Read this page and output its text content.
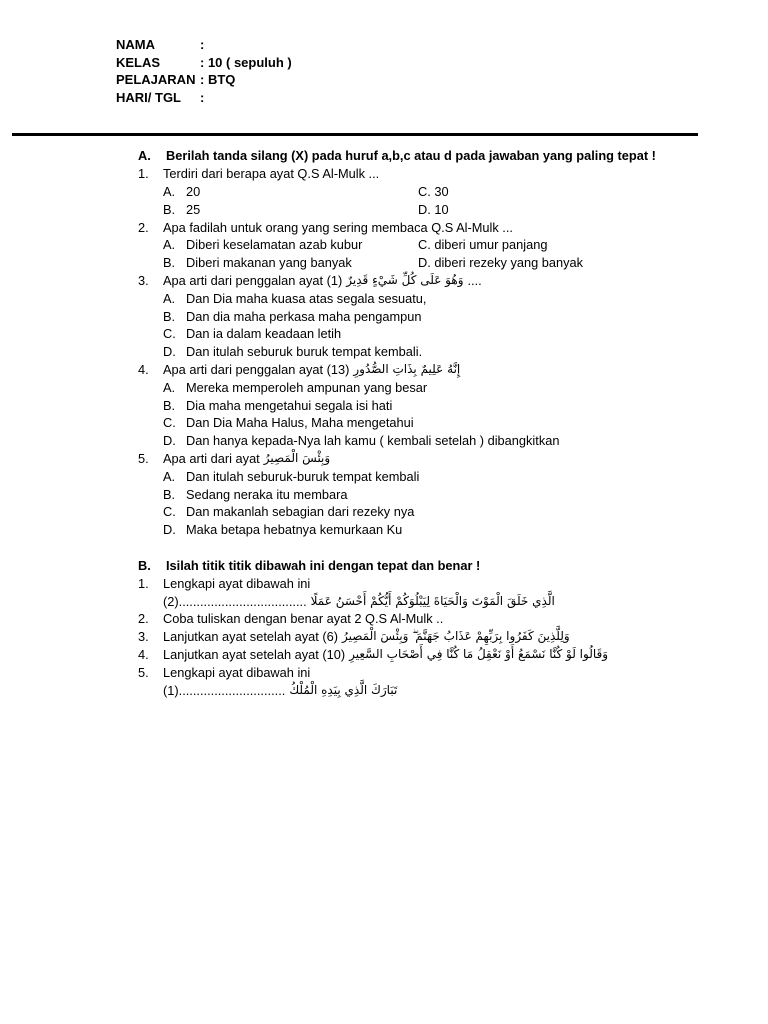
NAMA	:
KELAS	: 10 ( sepuluh )
PELAJARAN : BTQ
HARI/ TGL	:
A.	Berilah tanda silang (X) pada huruf a,b,c atau d pada jawaban yang paling tepat !
1.	Terdiri dari berapa ayat Q.S Al-Mulk ...
A. 20	C. 30
B. 25	D. 10
2.	Apa fadilah untuk orang yang sering membaca Q.S Al-Mulk ...
A. Diberi keselamatan azab kubur	C. diberi umur panjang
B. Diberi makanan yang banyak	D. diberi rezeky yang banyak
3.	Apa arti dari penggalan ayat (1) وَهُوَ عَلَى كُلِّ شَيْءٍ قَدِيرٌ ....
A. Dan Dia maha kuasa atas segala sesuatu,
B. Dan dia maha perkasa maha pengampun
C. Dan ia dalam keadaan letih
D. Dan itulah seburuk buruk tempat kembali.
4.	Apa arti dari penggalan ayat (13) إِنَّهُ عَلِيمٌ بِذَاتِ الصُّدُورِ
A. Mereka memperoleh ampunan yang besar
B. Dia maha mengetahui segala isi hati
C. Dan Dia Maha Halus, Maha mengetahui
D. Dan hanya kepada-Nya lah kamu ( kembali setelah ) dibangkitkan
5.	Apa arti dari ayat وَبِئْسَ الْمَصِيرُ
A. Dan itulah seburuk-buruk tempat kembali
B. Sedang neraka itu membara
C. Dan makanlah sebagian dari rezeky nya
D. Maka betapa hebatnya kemurkaan Ku
B.	Isilah titik titik dibawah ini dengan tepat dan benar !
1.	Lengkapi ayat dibawah ini
(2).................................... الَّذِي خَلَقَ الْمَوْتَ وَالْحَيَاةَ لِيَبْلُوَكُمْ أَيُّكُمْ أَحْسَنُ عَمَلًا
2.	Coba tuliskan dengan benar ayat 2 Q.S Al-Mulk ..
3.	Lanjutkan ayat setelah ayat (6) وَلِلَّذِينَ كَفَرُوا بِرَبِّهِمْ عَذَابُ جَهَنَّمَ ۖ وَبِئْسَ الْمَصِيرُ
4.	Lanjutkan ayat setelah ayat (10) وَقَالُوا لَوْ كُنَّا نَسْمَعُ أَوْ نَعْقِلُ مَا كُنَّا فِي أَصْحَابِ السَّعِيرِ
5.	Lengkapi ayat dibawah ini
(1).............................. تَبَارَكَ الَّذِي بِيَدِهِ الْمُلْكُ
